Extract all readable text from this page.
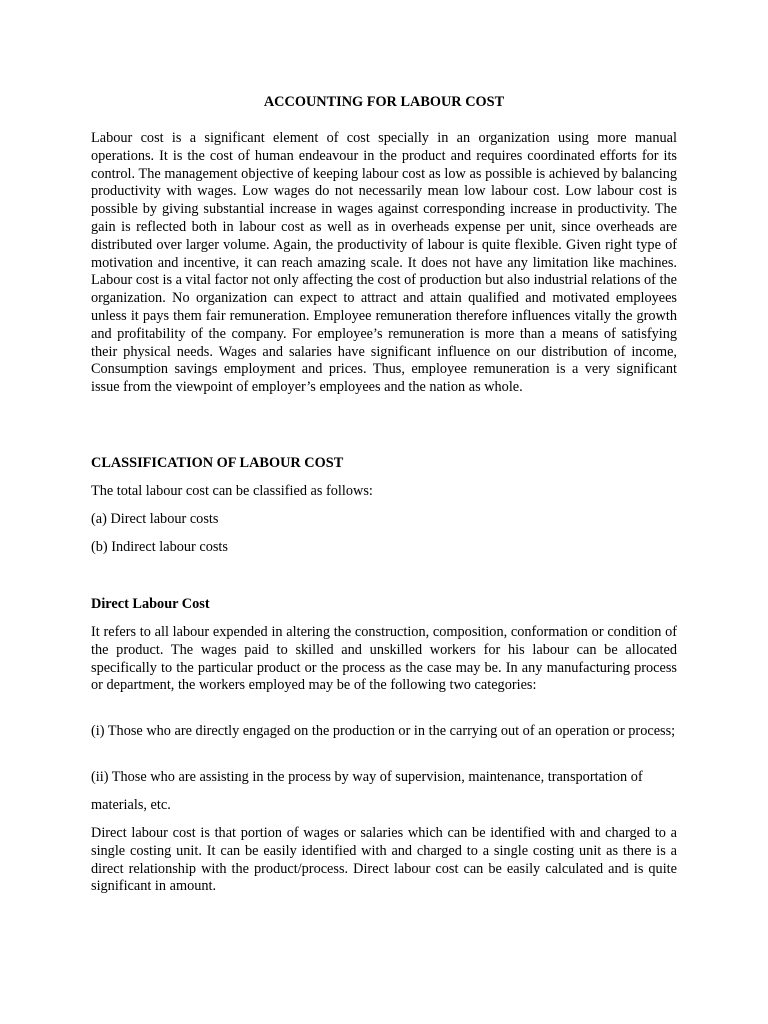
ACCOUNTING FOR LABOUR COST

Labour cost is a significant element of cost specially in an organization using more manual operations. It is the cost of human endeavour in the product and requires coordinated efforts for its control. The management objective of keeping labour cost as low as possible is achieved by balancing productivity with wages. Low wages do not necessarily mean low labour cost. Low labour cost is possible by giving substantial increase in wages against corresponding increase in productivity. The gain is reflected both in labour cost as well as in overheads expense per unit, since overheads are distributed over larger volume. Again, the productivity of labour is quite flexible. Given right type of motivation and incentive, it can reach amazing scale. It does not have any limitation like machines. Labour cost is a vital factor not only affecting the cost of production but also industrial relations of the organization. No organization can expect to attract and attain qualified and motivated employees unless it pays them fair remuneration. Employee remuneration therefore influences vitally the growth and profitability of the company. For employee’s remuneration is more than a means of satisfying their physical needs. Wages and salaries have significant influence on our distribution of income, Consumption savings employment and prices. Thus, employee remuneration is a very significant issue from the viewpoint of employer’s employees and the nation as whole.

CLASSIFICATION OF LABOUR COST

The total labour cost can be classified as follows:

(a) Direct labour costs

(b) Indirect labour costs

Direct Labour Cost

It refers to all labour expended in altering the construction, composition, conformation or condition of the product. The wages paid to skilled and unskilled workers for his labour can be allocated specifically to the particular product or the process as the case may be. In any manufacturing process or department, the workers employed may be of the following two categories:

(i) Those who are directly engaged on the production or in the carrying out of an operation or process;

(ii) Those who are assisting in the process by way of supervision, maintenance, transportation of

materials, etc.

Direct labour cost is that portion of wages or salaries which can be identified with and charged to a single costing unit. It can be easily identified with and charged to a single costing unit as there is a direct relationship with the product/process. Direct labour cost can be easily calculated and is quite significant in amount.
